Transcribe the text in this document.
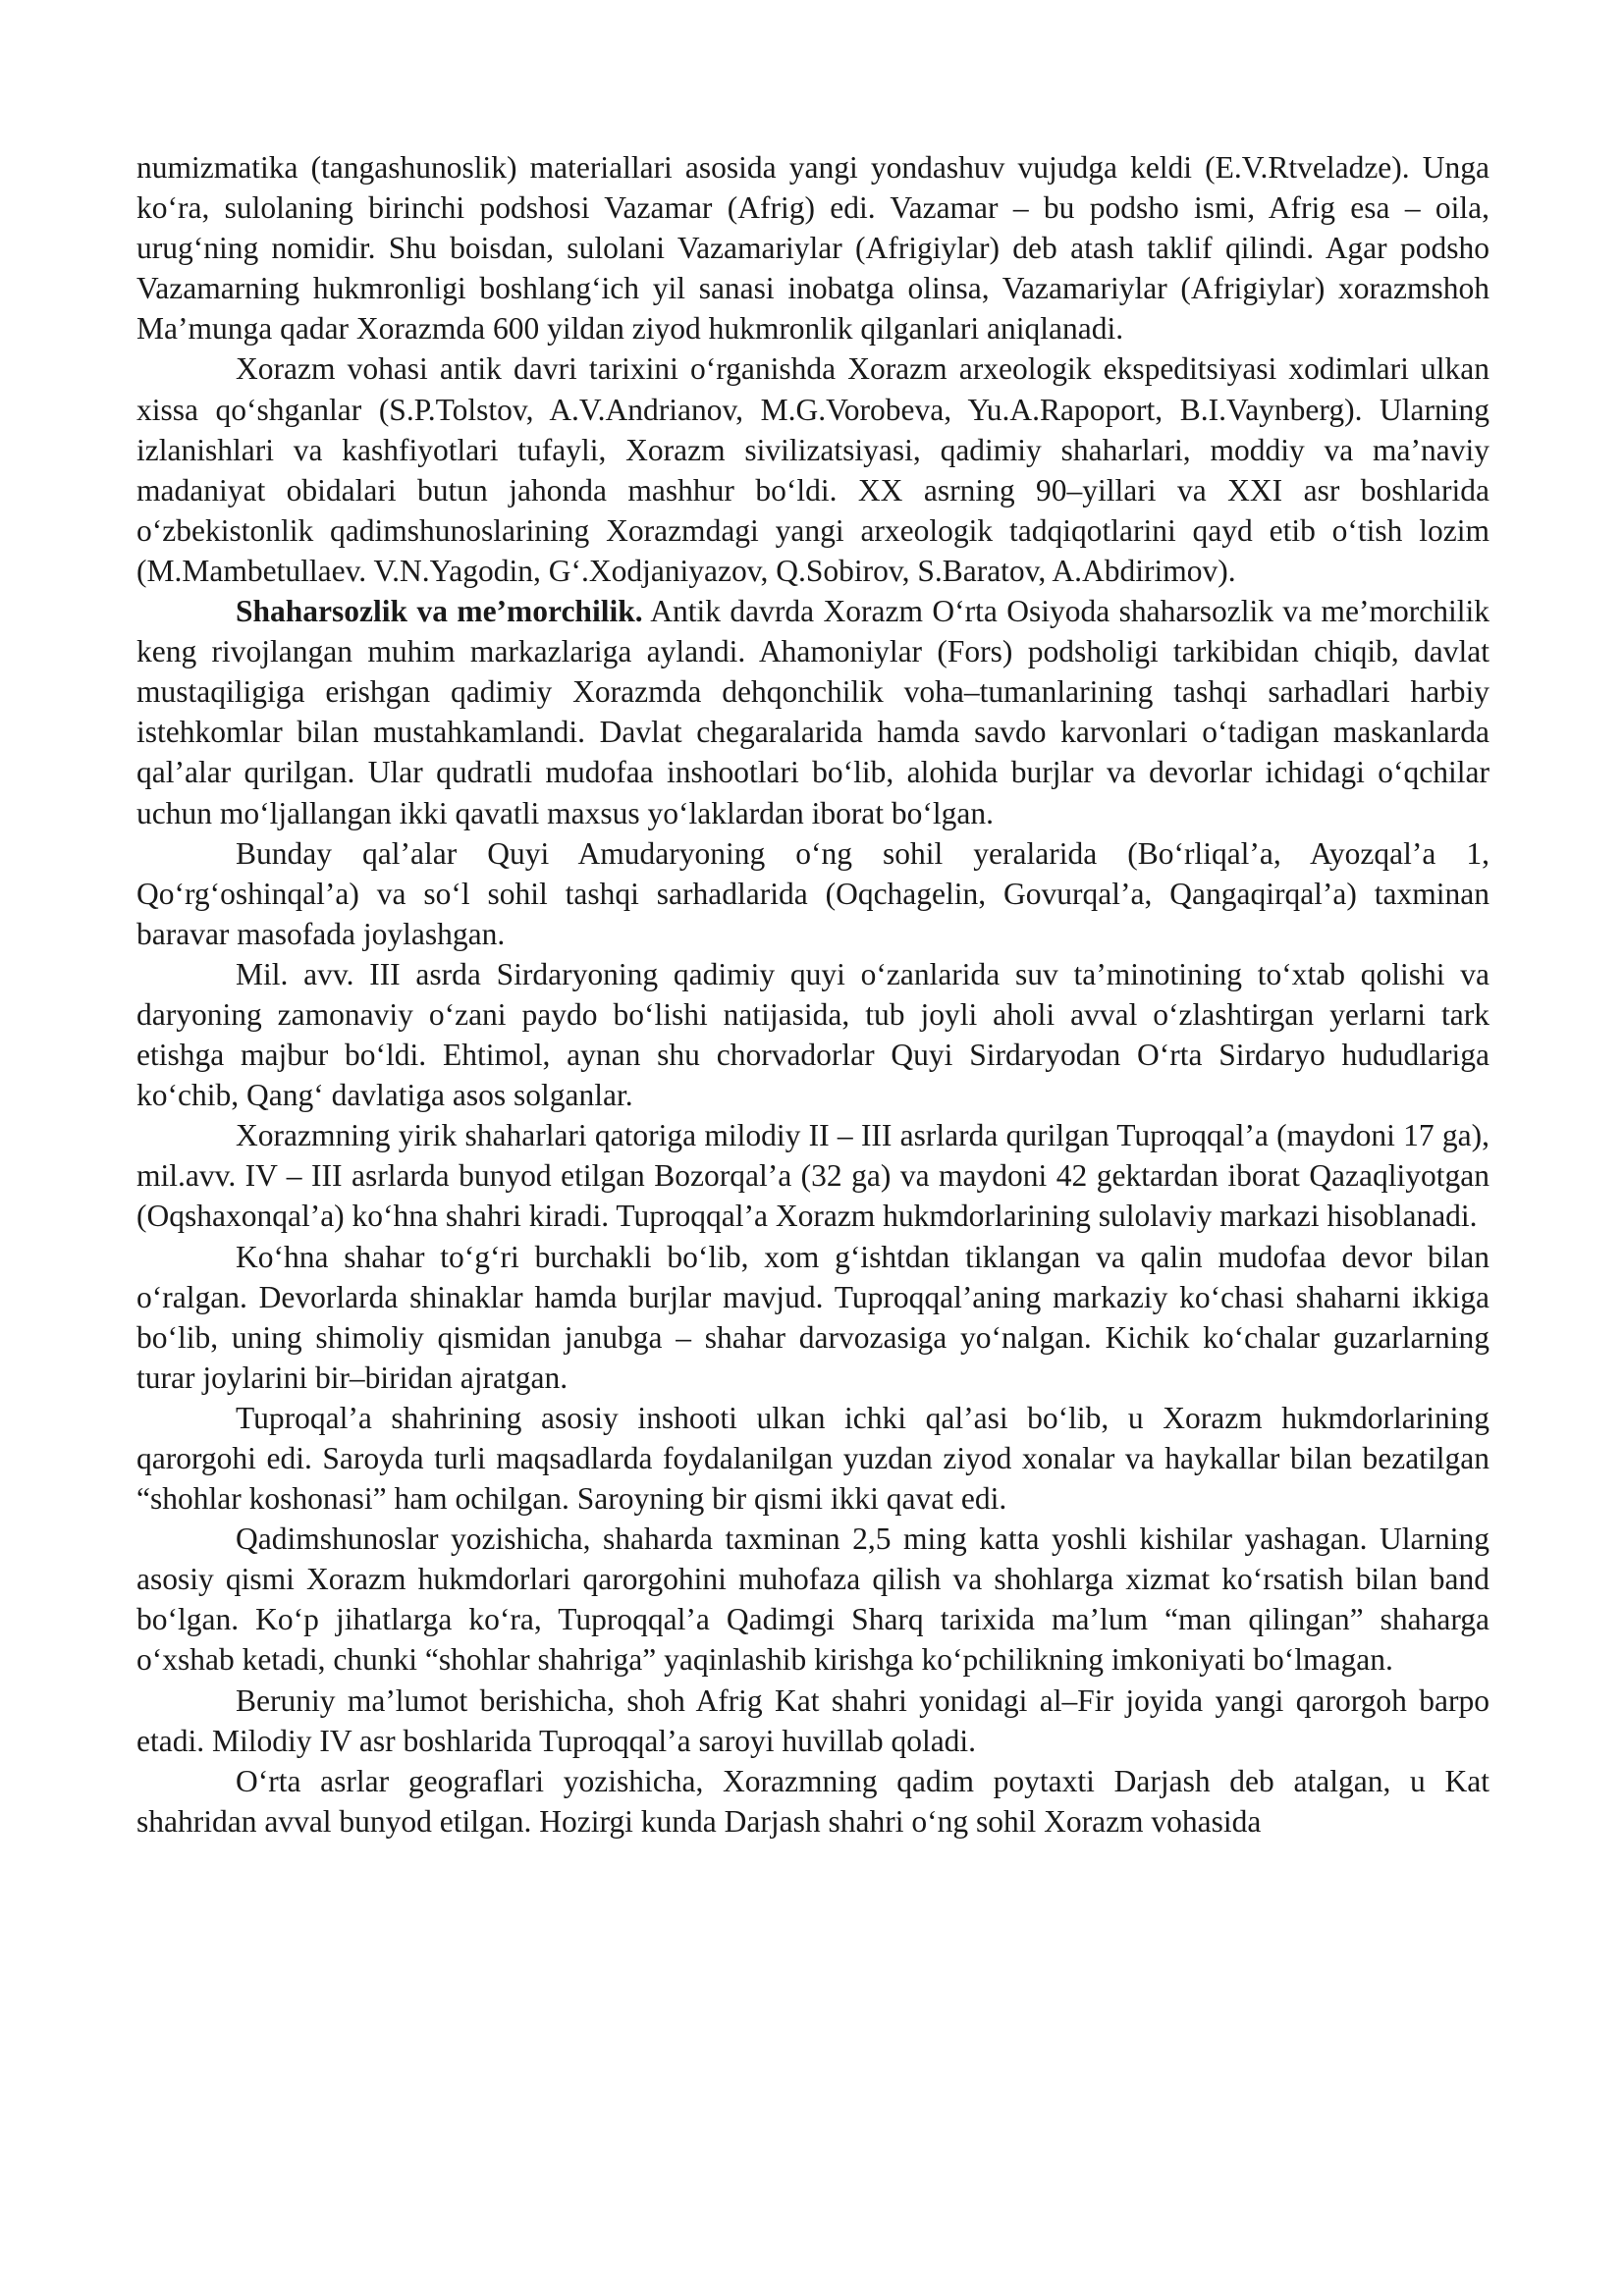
numizmatika (tangashunoslik) materiallari asosida yangi yondashuv vujudga keldi (E.V.Rtveladze). Unga ko‘ra, sulolaning birinchi podshosi Vazamar (Afrig) edi. Vazamar – bu podsho ismi, Afrig esa – oila, urug‘ning nomidir. Shu boisdan, sulolani Vazamariylar (Afrigiylar) deb atash taklif qilindi. Agar podsho Vazamarning hukmronligi boshlang‘ich yil sanasi inobatga olinsa, Vazamariylar (Afrigiylar) xorazmshoh Ma’munga qadar Xorazmda 600 yildan ziyod hukmronlik qilganlari aniqlanadi.

Xorazm vohasi antik davri tarixini o‘rganishda Xorazm arxeologik ekspeditsiyasi xodimlari ulkan xissa qo‘shganlar (S.P.Tolstov, A.V.Andrianov, M.G.Vorobeva, Yu.A.Rapoport, B.I.Vaynberg). Ularning izlanishlari va kashfiyotlari tufayli, Xorazm sivilizatsiyasi, qadimiy shaharlari, moddiy va ma’naviy madaniyat obidalari butun jahonda mashhur bo‘ldi. XX asrning 90–yillari va XXI asr boshlarida o‘zbekistonlik qadimshunoslarining Xorazmdagi yangi arxeologik tadqiqotlarini qayd etib o‘tish lozim (M.Mambetullaev. V.N.Yagodin, G‘.Xodjaniyazov, Q.Sobirov, S.Baratov, A.Abdirimov).

Shaharsozlik va me’morchilik. Antik davrda Xorazm O‘rta Osiyoda shaharsozlik va me’morchilik keng rivojlangan muhim markazlariga aylandi. Ahamoniylar (Fors) podsholigi tarkibidan chiqib, davlat mustaqiligiga erishgan qadimiy Xorazmda dehqonchilik voha–tumanlarining tashqi sarhadlari harbiy istehkomlar bilan mustahkamlandi. Davlat chegaralarida hamda savdo karvonlari o‘tadigan maskanlarda qal’alar qurilgan. Ular qudratli mudofaa inshootlari bo‘lib, alohida burjlar va devorlar ichidagi o‘qchilar uchun mo‘ljallangan ikki qavatli maxsus yo‘laklardan iborat bo‘lgan.

Bunday qal’alar Quyi Amudaryoning o‘ng sohil yeralarida (Bo‘rliqal’a, Ayozqal’a 1, Qo‘rg‘oshinqal’a) va so‘l sohil tashqi sarhadlarida (Oqchagelin, Govurqal’a, Qangaqirqal’a) taxminan baravar masofada joylashgan.

Mil. avv. III asrda Sirdaryoning qadimiy quyi o‘zanlarida suv ta’minotining to‘xtab qolishi va daryoning zamonaviy o‘zani paydo bo‘lishi natijasida, tub joyli aholi avval o‘zlashtirgan yerlarni tark etishga majbur bo‘ldi. Ehtimol, aynan shu chorvadorlar Quyi Sirdaryodan O‘rta Sirdaryo hududlariga ko‘chib, Qang‘ davlatiga asos solganlar.

Xorazmning yirik shaharlari qatoriga milodiy II – III asrlarda qurilgan Tuproqqal’a (maydoni 17 ga), mil.avv. IV – III asrlarda bunyod etilgan Bozorqal’a (32 ga) va maydoni 42 gektardan iborat Qazaqliyotgan (Oqshaxonqal’a) ko‘hna shahri kiradi. Tuproqqal’a Xorazm hukmdorlarining sulolaviy markazi hisoblanadi.

Ko‘hna shahar to‘g‘ri burchakli bo‘lib, xom g‘ishtdan tiklangan va qalin mudofaa devor bilan o‘ralgan. Devorlarda shinaklar hamda burjlar mavjud. Tuproqqal’aning markaziy ko‘chasi shaharni ikkiga bo‘lib, uning shimoliy qismidan janubga – shahar darvozasiga yo‘nalgan. Kichik ko‘chalar guzarlarning turar joylarini bir–biridan ajratgan.

Tuproqal’a shahrining asosiy inshooti ulkan ichki qal’asi bo‘lib, u Xorazm hukmdorlarining qarorgohi edi. Saroyda turli maqsadlarda foydalanilgan yuzdan ziyod xonalar va haykallar bilan bezatilgan “shohlar koshonasi” ham ochilgan. Saroyning bir qismi ikki qavat edi.

Qadimshunoslar yozishicha, shaharda taxminan 2,5 ming katta yoshli kishilar yashagan. Ularning asosiy qismi Xorazm hukmdorlari qarorgohini muhofaza qilish va shohlarga xizmat ko‘rsatish bilan band bo‘lgan. Ko‘p jihatlarga ko‘ra, Tuproqqal’a Qadimgi Sharq tarixida ma’lum “man qilingan” shaharga o‘xshab ketadi, chunki “shohlar shahriga” yaqinlashib kirishga ko‘pchilikning imkoniyati bo‘lmagan.

Beruniy ma’lumot berishicha, shoh Afrig Kat shahri yonidagi al–Fir joyida yangi qarorgoh barpo etadi. Milodiy IV asr boshlarida Tuproqqal’a saroyi huvillab qoladi.

O‘rta asrlar geograflari yozishicha, Xorazmning qadim poytaxti Darjash deb atalgan, u Kat shahridan avval bunyod etilgan. Hozirgi kunda Darjash shahri o‘ng sohil Xorazm vohasida
